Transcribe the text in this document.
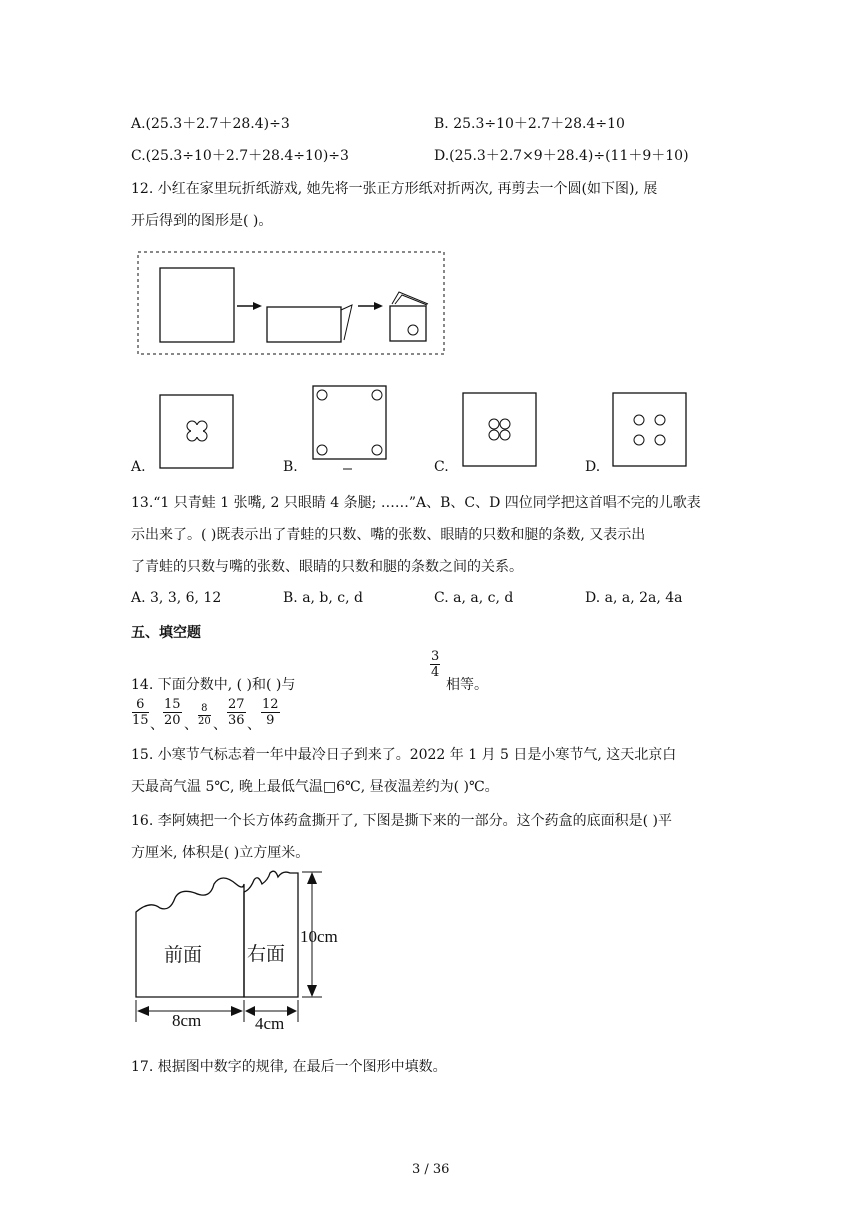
A.(25.3＋2.7＋28.4)÷3	B. 25.3÷10＋2.7＋28.4÷10
C.(25.3÷10＋2.7＋28.4÷10)÷3	D.(25.3＋2.7×9＋28.4)÷(11＋9＋10)
12. 小红在家里玩折纸游戏, 她先将一张正方形纸对折两次, 再剪去一个圆(如下图), 展
开后得到的图形是( )。
A.	B.	C.	D.
13.“1 只青蛙 1 张嘴, 2 只眼睛 4 条腿; ……”A、B、C、D 四位同学把这首唱不完的儿歌表
示出来了。( )既表示出了青蛙的只数、嘴的张数、眼睛的只数和腿的条数, 又表示出
了青蛙的只数与嘴的张数、眼睛的只数和腿的条数之间的关系。
A. 3, 3, 6, 12	B. a, b, c, d	C. a, a, c, d	D. a, a, 2a, 4a
五、填空题
14. 下面分数中, ( )和( )与
$\frac{3}{4}$
相等。
$\frac{6}{15}$ 、 $\frac{15}{20}$ 、 $\frac{8}{20}$ 、 $\frac{27}{36}$ 、 $\frac{12}{9}$
15. 小寒节气标志着一年中最冷日子到来了。2022 年 1 月 5 日是小寒节气, 这天北京白
天最高气温 5℃, 晚上最低气温□6℃, 昼夜温差约为( )℃。
16. 李阿姨把一个长方体药盒撕开了, 下图是撕下来的一部分。这个药盒的底面积是( )平
方厘米, 体积是( )立方厘米。
前面 右面
10cm
8cm	4cm
17. 根据图中数字的规律, 在最后一个图形中填数。
3 / 36
